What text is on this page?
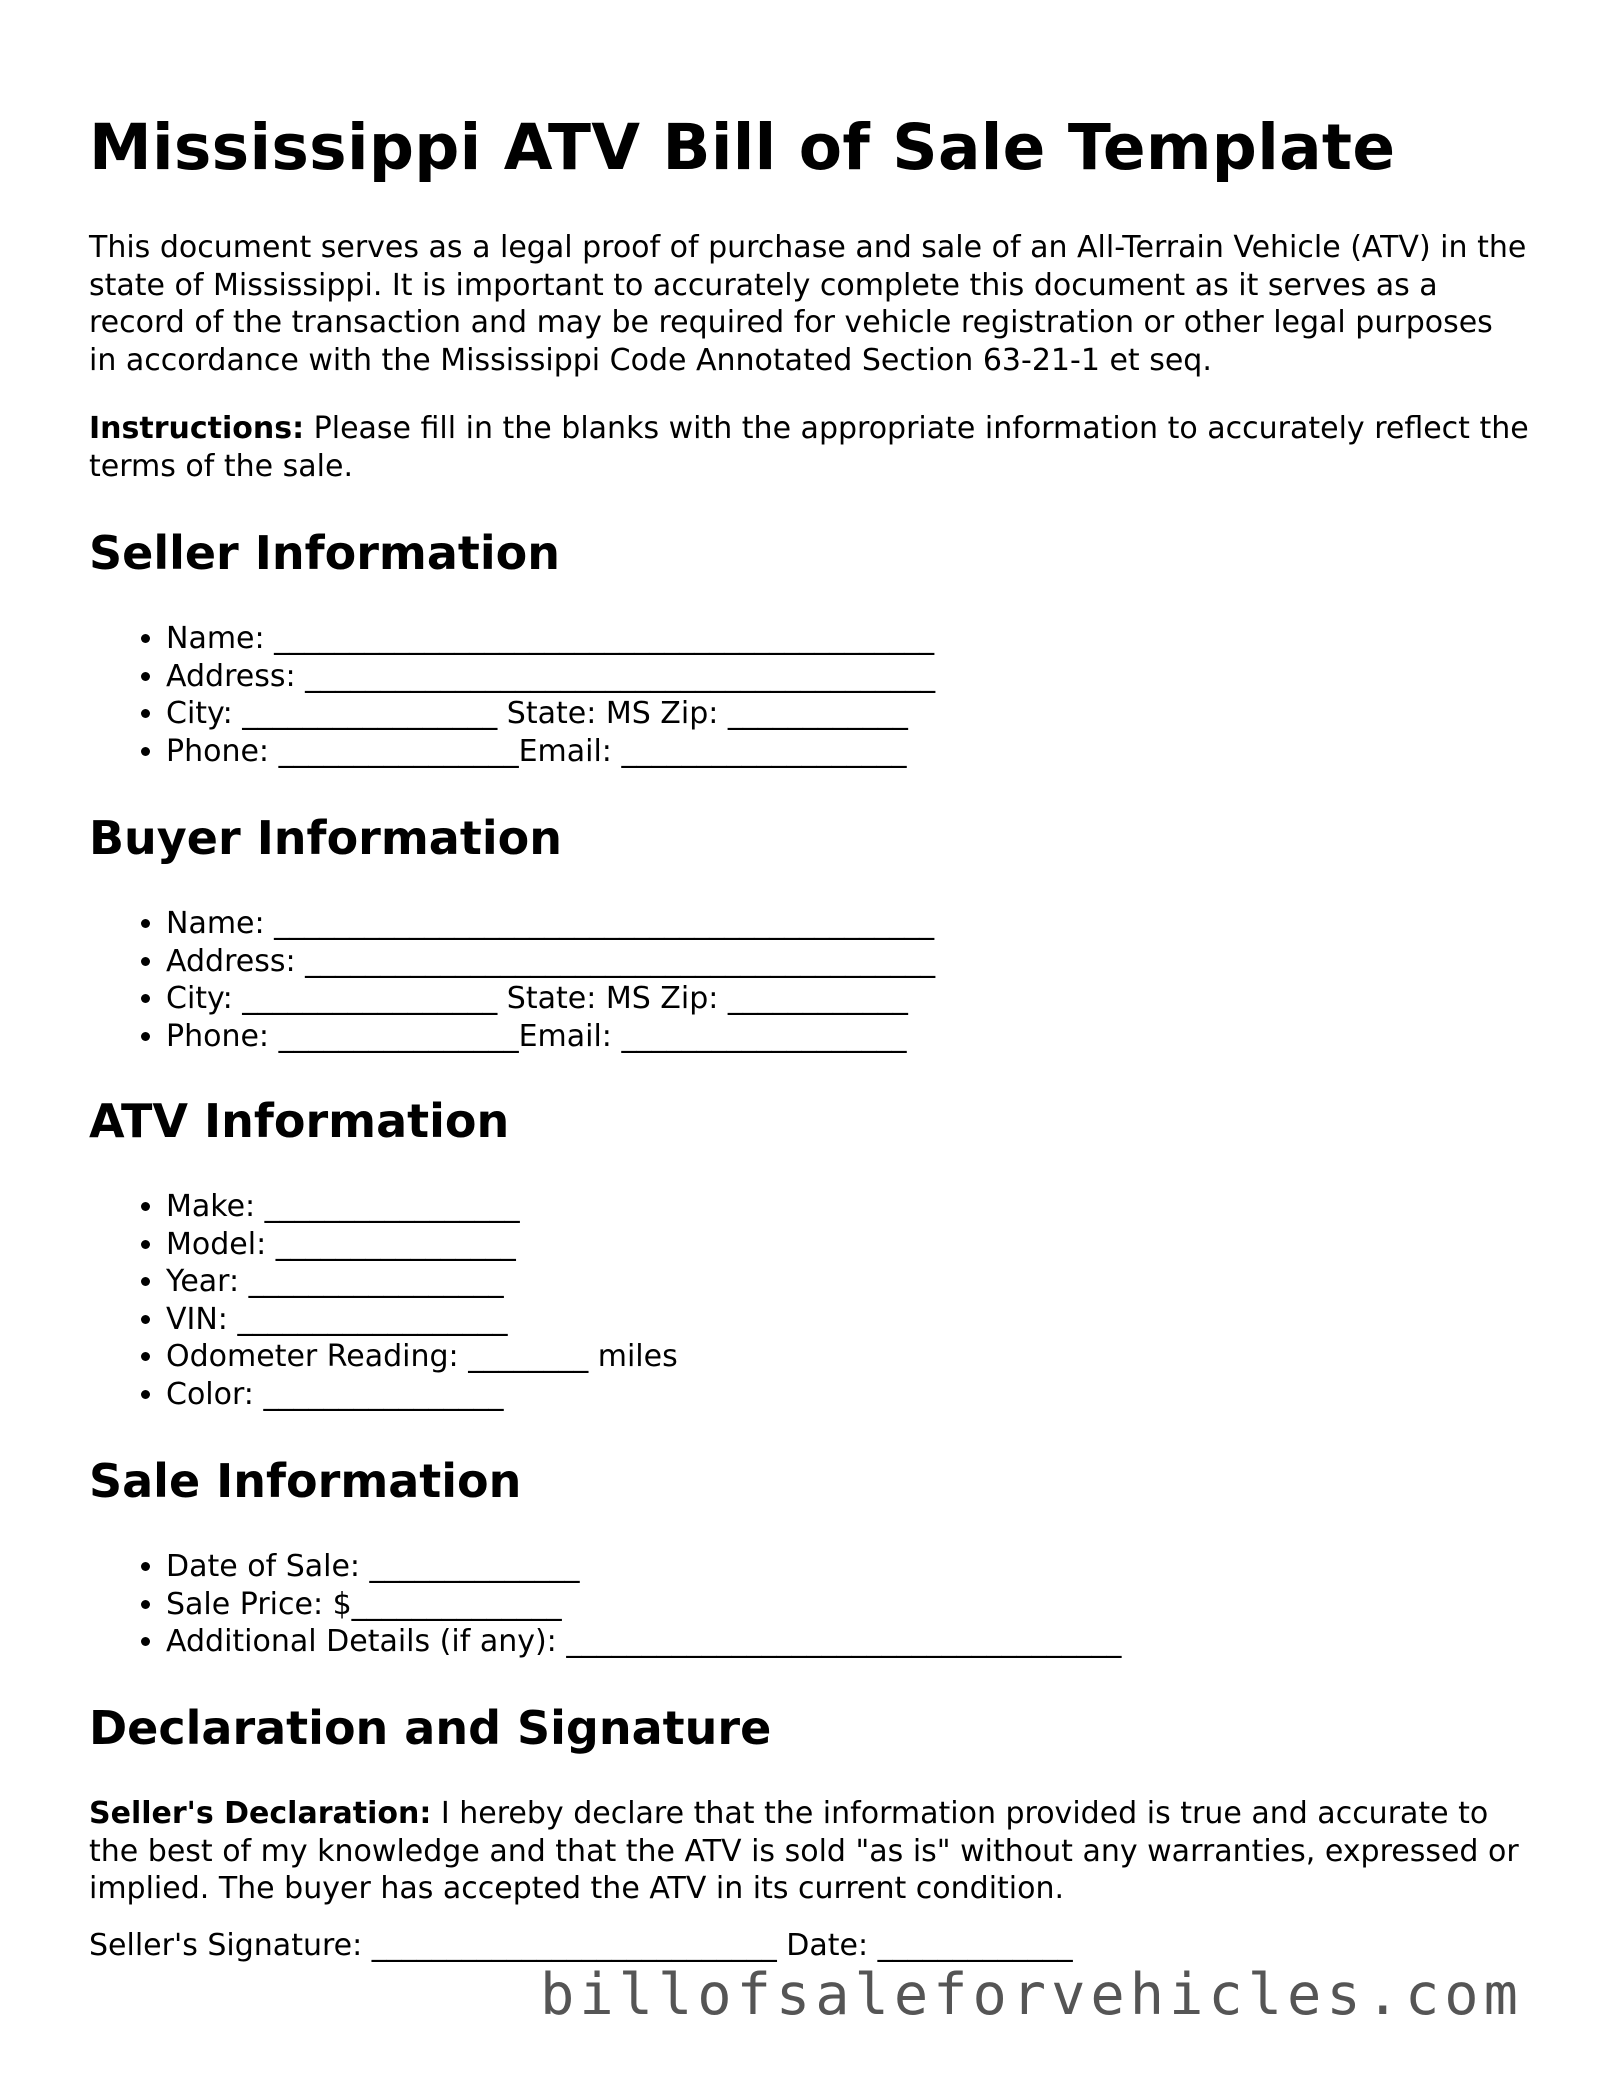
Mississippi ATV Bill of Sale Template

This document serves as a legal proof of purchase and sale of an All-Terrain Vehicle (ATV) in the state of Mississippi. It is important to accurately complete this document as it serves as a record of the transaction and may be required for vehicle registration or other legal purposes in accordance with the Mississippi Code Annotated Section 63-21-1 et seq.

Instructions: Please fill in the blanks with the appropriate information to accurately reflect the terms of the sale.

Seller Information
• Name: ____________________________________________
• Address: __________________________________________
• City: _________________ State: MS Zip: ____________
• Phone: ________________Email: ___________________
Buyer Information
• Name: ____________________________________________
• Address: __________________________________________
• City: _________________ State: MS Zip: ____________
• Phone: ________________Email: ___________________
ATV Information
• Make: _________________
• Model: ________________
• Year: _________________
• VIN: __________________
• Odometer Reading: ________ miles
• Color: ________________
Sale Information
• Date of Sale: ______________
• Sale Price: $______________
• Additional Details (if any): _____________________________________
Declaration and Signature

Seller's Declaration: I hereby declare that the information provided is true and accurate to the best of my knowledge and that the ATV is sold "as is" without any warranties, expressed or implied. The buyer has accepted the ATV in its current condition.

Seller's Signature: ___________________________ Date: _____________
billofsaleforvehicles.com
